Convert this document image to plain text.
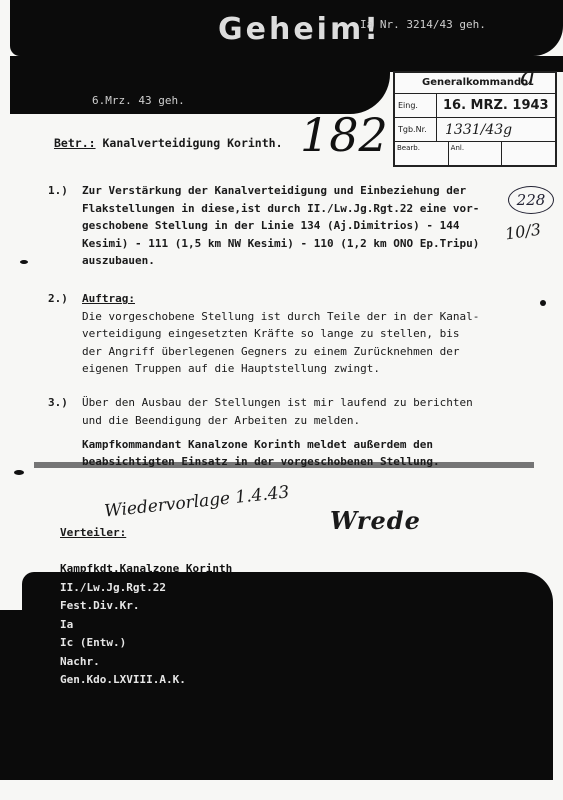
Geheim!
Ia Nr. 3214/43 geh.
6.Mrz. 43 geh.
Generalkommando
Eing.	16. MRZ. 1943
Tgb.Nr.	1331/43g
Bearb.	Anl.
182
a
228
10/3
Betr.: Kanalverteidigung Korinth.
1.) Zur Verstärkung der Kanalverteidigung und Einbeziehung der
Flakstellungen in diese,ist durch II./Lw.Jg.Rgt.22 eine vor-
geschobene Stellung in der Linie 134 (Aj.Dimitrios) - 144
Kesimi) - 111 (1,5 km NW Kesimi) - 110 (1,2 km ONO Ep.Tripu)
auszubauen.
2.) Auftrag:
Die vorgeschobene Stellung ist durch Teile der in der Kanal-
verteidigung eingesetzten Kräfte so lange zu stellen, bis
der Angriff überlegenen Gegners zu einem Zurücknehmen der
eigenen Truppen auf die Hauptstellung zwingt.
3.) Über den Ausbau der Stellungen ist mir laufend zu berichten
und die Beendigung der Arbeiten zu melden.
Kampfkommandant Kanalzone Korinth meldet außerdem den
beabsichtigten Einsatz in der vorgeschobenen Stellung.
Wiedervorlage 1.4.43 Wrede
Verteiler:
Kampfkdt.Kanalzone Korinth
II./Lw.Jg.Rgt.22
Fest.Div.Kr.
Ia
Ic (Entw.)
Nachr.
Gen.Kdo.LXVIII.A.K.
